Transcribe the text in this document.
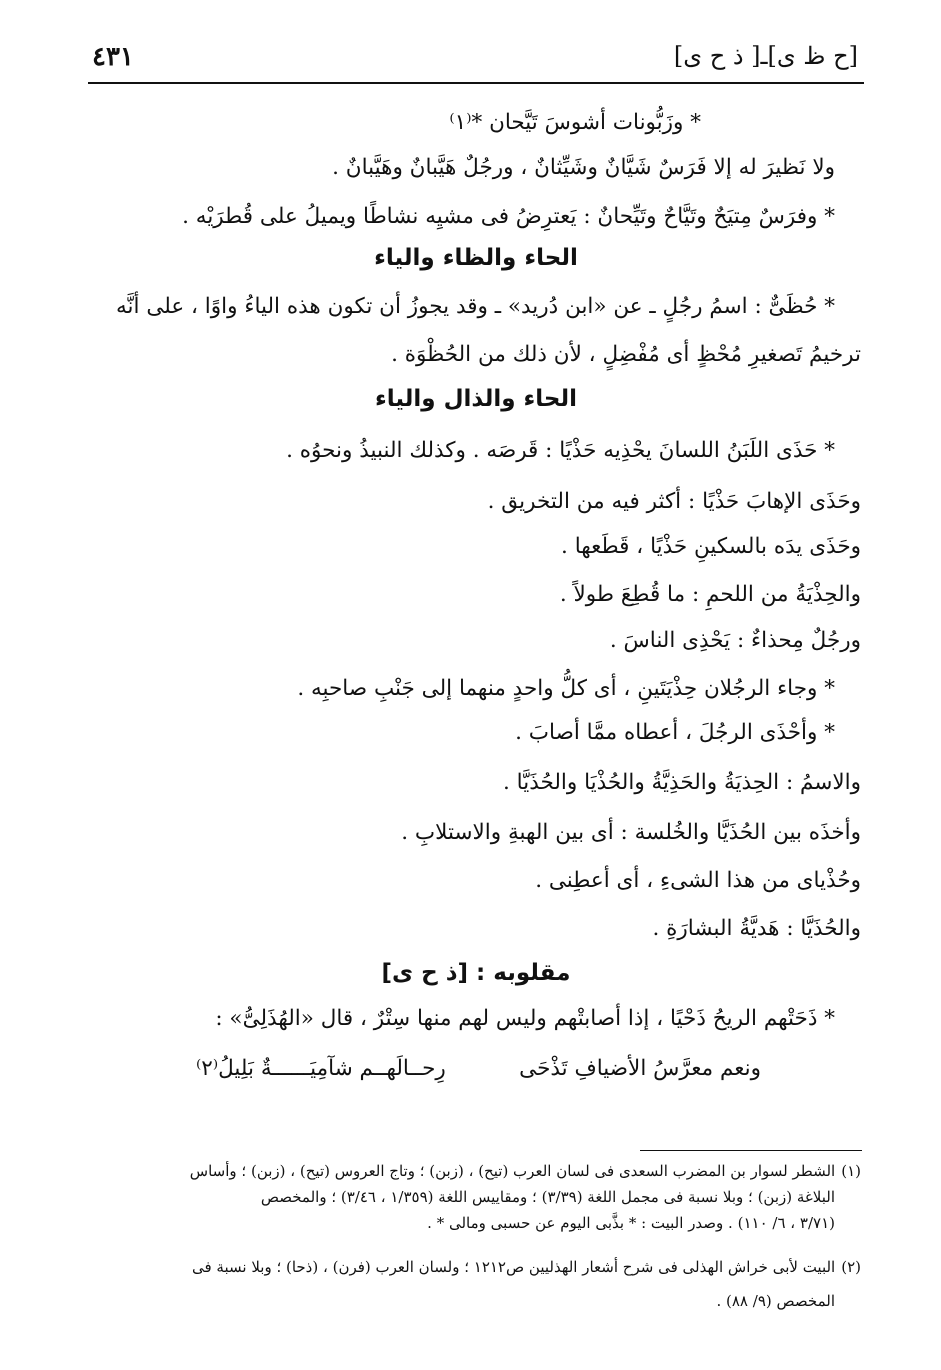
[ح ظ ى]ـ[ ذ ح ى]
٤٣١
* وزَبُّونات أشوسَ تَيَّحان *⁽١⁾
ولا نَظيرَ له إلا فَرَسٌ شَيَّانٌ وشَيِّثانٌ ، ورجُلٌ هَيَّبانٌ وهَيَّبانٌ .
* وفرَسٌ مِتيَحٌ وتَيَّاحٌ وتَيِّحانٌ : يَعترِضُ فى مشيِه نشاطًا ويميلُ على قُطرَيْه .
الحاء والظاء والياء
* حُظَىٌّ : اسمُ رجُلٍ ـ عن «ابن دُريد» ـ وقد يجوزُ أن تكون هذه الياءُ واوًا ، على أنَّه
ترخيمُ تَصغيرِ مُحْظٍ أى مُفْضِلٍ ، لأن ذلك من الحُظْوَة .
الحاء والذال والياء
* حَذَى اللَبَنُ اللسانَ يحْذِيه حَذْيًا : قَرصَه . وكذلك النبيذُ ونحوُه .
وحَذَى الإهابَ حَذْيًا : أكثر فيه من التخريق .
وحَذَى يدَه بالسكينِ حَذْيًا ، قَطَعها .
والحِذْيَةُ من اللحمِ : ما قُطِعَ طولاً .
ورجُلٌ مِحذاءٌ : يَحْذِى الناسَ .
* وجاء الرجُلان حِذْيَتَينِ ، أى كلُّ واحدٍ منهما إلى جَنْبِ صاحبِه .
* وأحْذَى الرجُلَ ، أعطاه ممَّا أصابَ .
والاسمُ : الحِذيَةُ والحَذِيَّةُ والحُذْيَا والحُذَيَّا .
وأخذَه بين الحُذَيَّا والخُلسة : أى بين الهبةِ والاستلابِ .
وحُذْياى من هذا الشىءِ ، أى أعطِنى .
والحُذَيَّا : هَديَّةُ البشارَةِ .
مقلوبه : [ذ ح ى]
* ذَحَتْهم الريحُ ذَحْيًا ، إذا أصابتْهم وليس لهم منها سِتْرٌ ، قال «الهُذَلِىُّ» :
ونعم معرَّسُ الأضيافِ تَذْحَى
رِحــالَهــم شآمِيَــــــةٌ بَلِيلُ⁽٢⁾
(١)الشطر لسوار بن المضرب السعدى فى لسان العرب (تيح) ، (زبن) ؛ وتاج العروس (تيح) ، (زبن) ؛ وأساس
البلاغة (زبن) ؛ وبلا نسبة فى مجمل اللغة (٣/٣٩) ؛ ومقاييس اللغة (١/٣٥٩ ، ٣/٤٦) ؛ والمخصص
(٣/٧١ ، ٦/ ١١٠) . وصدر البيت : * بذَّبى اليوم عن حسبى ومالى * .
(٢)البيت لأبى خراش الهذلى فى شرح أشعار الهذليين ص١٢١٢ ؛ ولسان العرب (فرن) ، (ذحا) ؛ وبلا نسبة فى
المخصص (٩/ ٨٨) .
